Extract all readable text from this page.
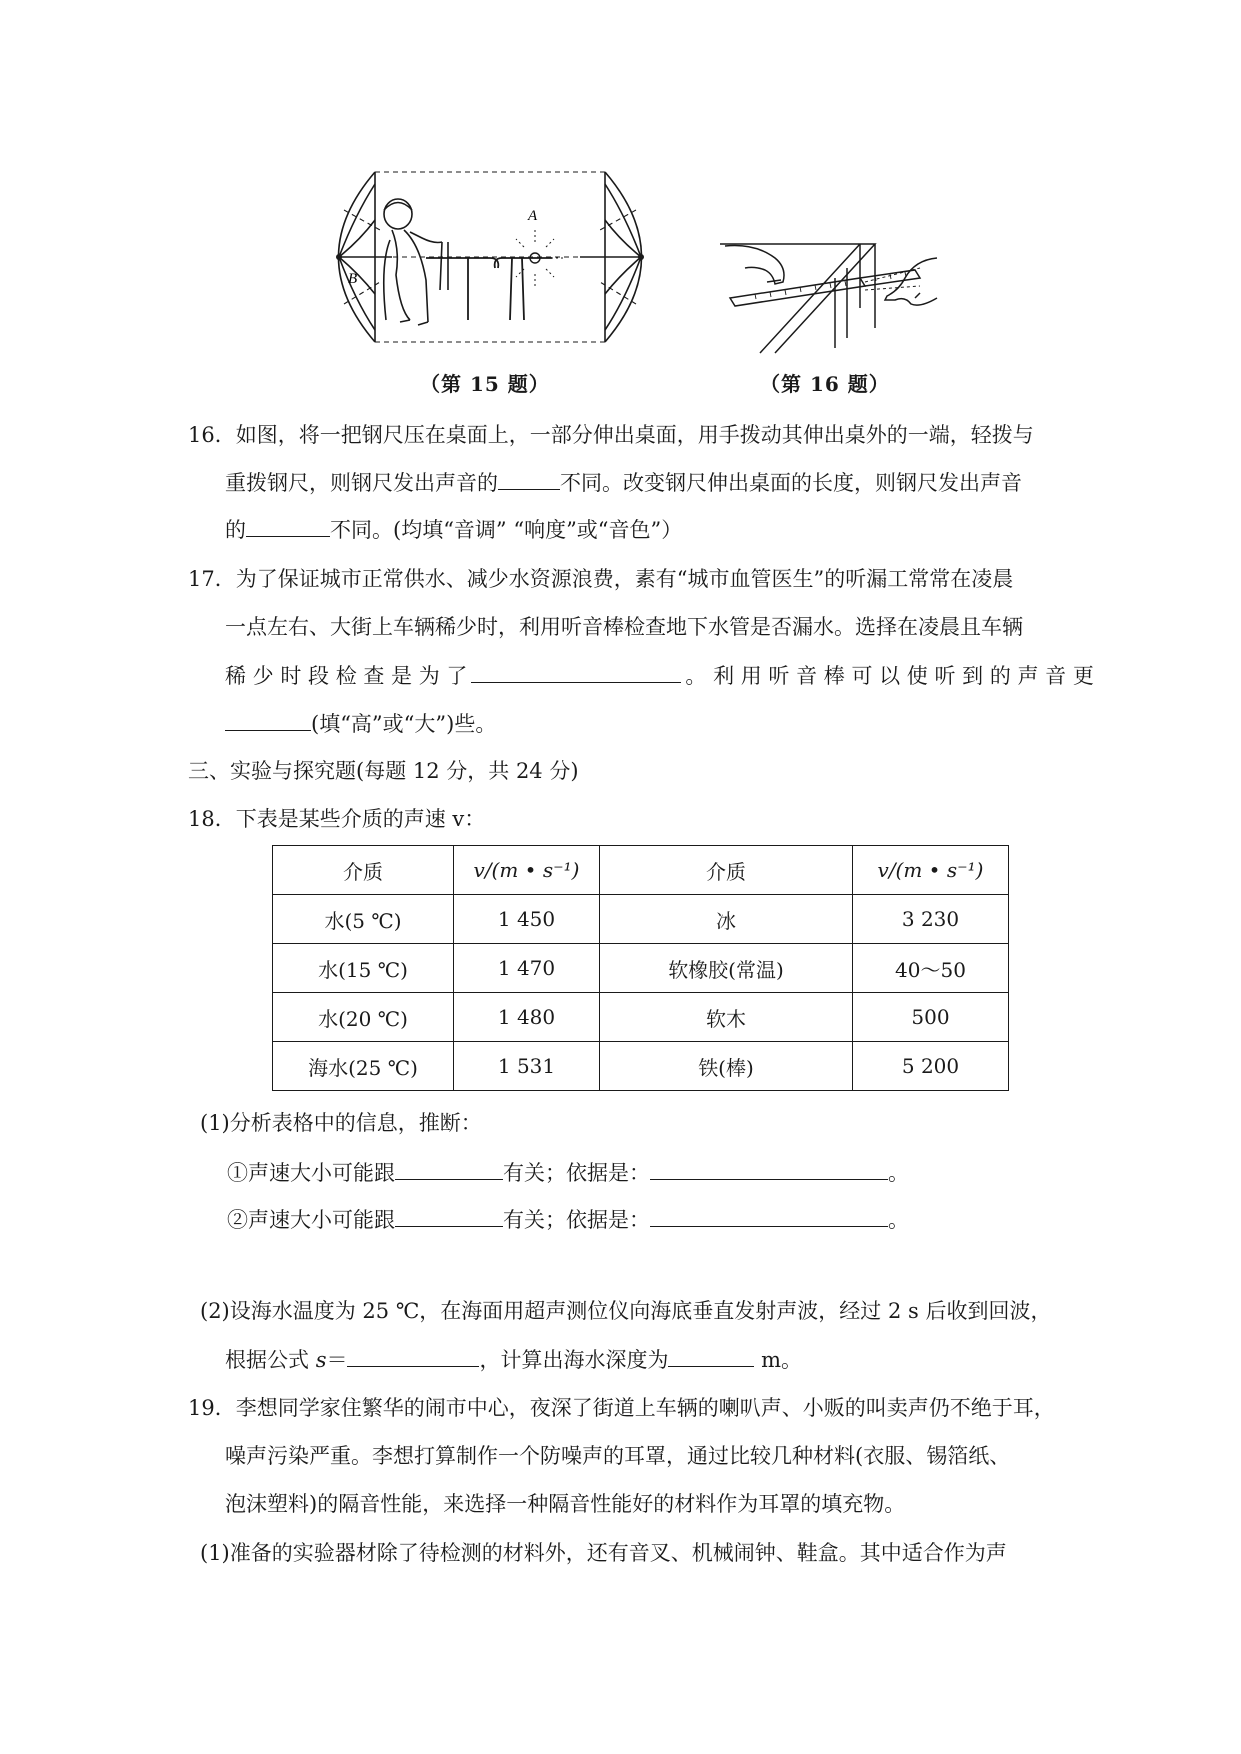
A
B
（第 15 题）	（第 16 题）
16．如图，将一把钢尺压在桌面上，一部分伸出桌面，用手拨动其伸出桌外的一端，轻拨与
重拨钢尺，则钢尺发出声音的	不同。改变钢尺伸出桌面的长度，则钢尺发出声音
的	不同。(均填“音调” “响度”或“音色”）
17．为了保证城市正常供水、减少水资源浪费，素有“城市血管医生”的听漏工常常在凌晨
一点左右、大街上车辆稀少时，利用听音棒检查地下水管是否漏水。选择在凌晨且车辆
稀 少 时 段 检 查 是 为 了	。 利 用 听 音 棒 可 以 使 听 到 的 声 音 更
(填“高”或“大”)些。
三、实验与探究题(每题 12 分，共 24 分)
18．下表是某些介质的声速 v：
介质	v/(m • s⁻¹)	介质	v/(m • s⁻¹)
水(5 ℃)	1 450	冰	3 230
水(15 ℃)	1 470	软橡胶(常温)	40～50
水(20 ℃)	1 480	软木	500
海水(25 ℃)	1 531	铁(棒)	5 200
(1)分析表格中的信息，推断：
①声速大小可能跟	有关；依据是：	。
②声速大小可能跟	有关；依据是：	。
(2)设海水温度为 25 ℃，在海面用超声测位仪向海底垂直发射声波，经过 2 s 后收到回波，
根据公式 s＝	，计算出海水深度为	m。
19．李想同学家住繁华的闹市中心，夜深了街道上车辆的喇叭声、小贩的叫卖声仍不绝于耳，
噪声污染严重。李想打算制作一个防噪声的耳罩，通过比较几种材料(衣服、锡箔纸、
泡沫塑料)的隔音性能，来选择一种隔音性能好的材料作为耳罩的填充物。
(1)准备的实验器材除了待检测的材料外，还有音叉、机械闹钟、鞋盒。其中适合作为声
